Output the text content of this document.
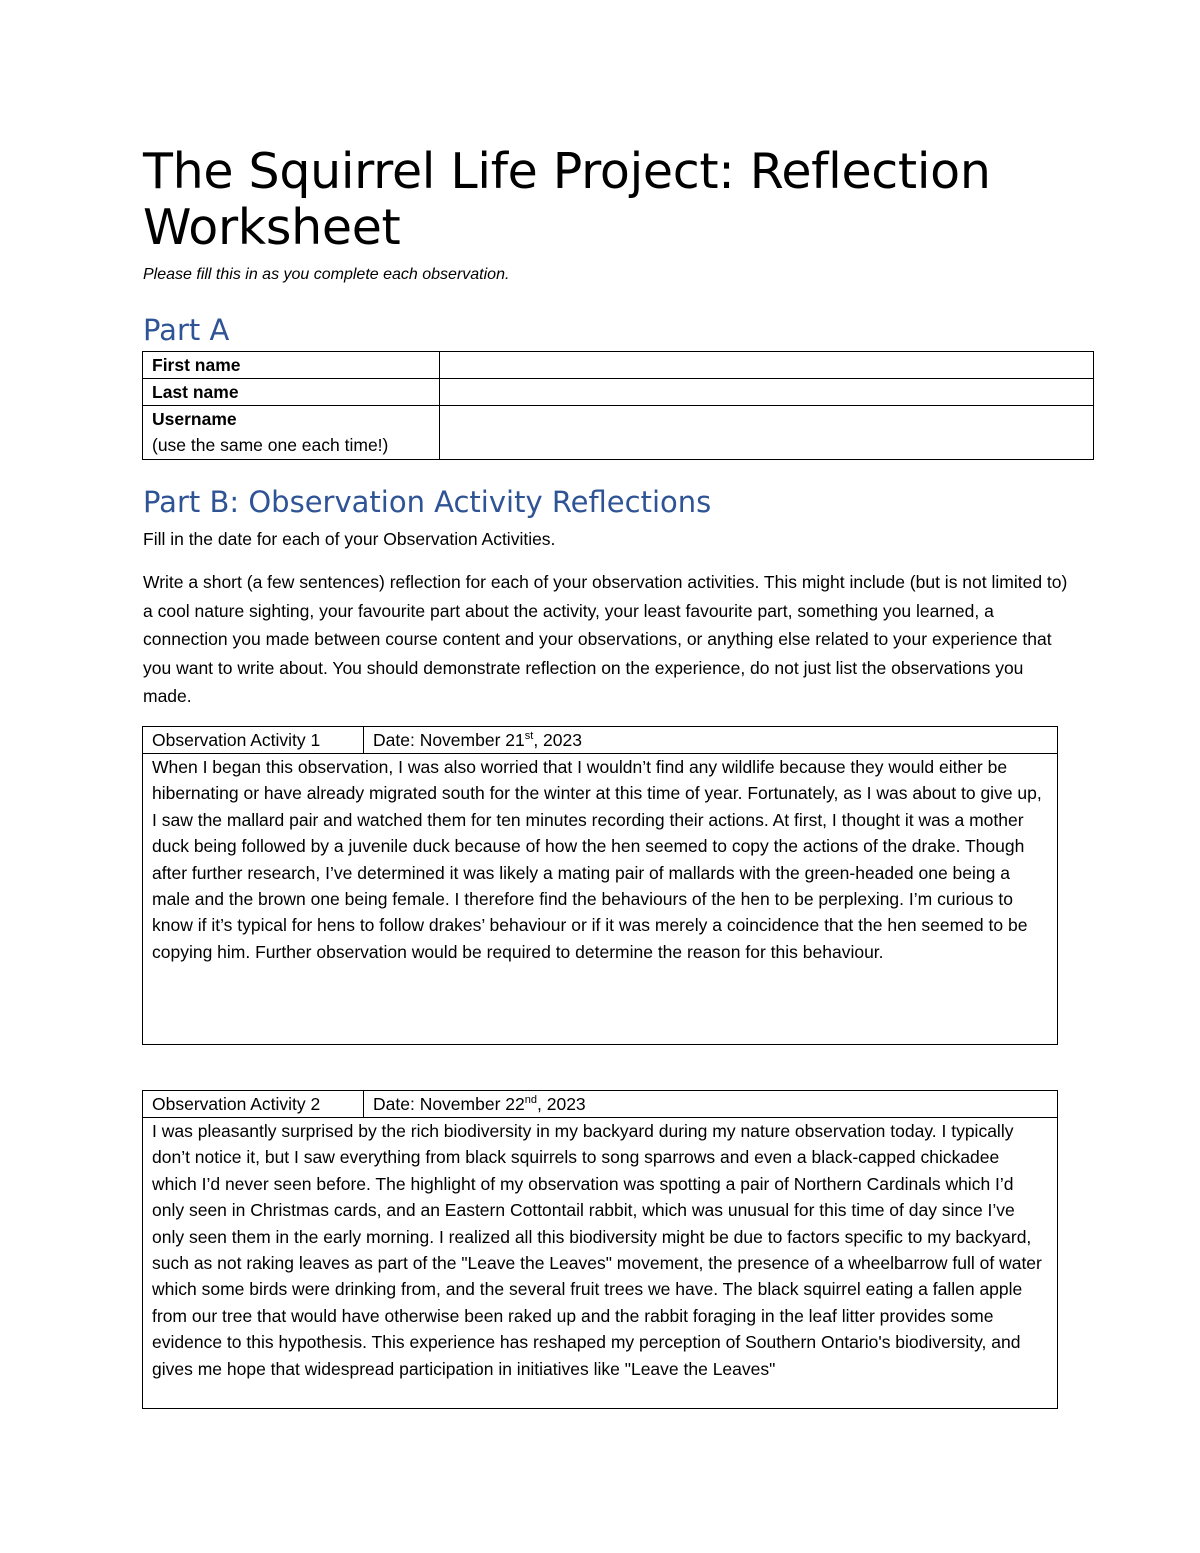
The Squirrel Life Project: Reflection Worksheet
Please fill this in as you complete each observation.
Part A
First name	
Last name	

Username
(use the same one each time!)	

Part B: Observation Activity Reflections
Fill in the date for each of your Observation Activities.
Write a short (a few sentences) reflection for each of your observation activities. This might include (but is not limited to) a cool nature sighting, your favourite part about the activity, your least favourite part, something you learned, a connection you made between course content and your observations, or anything else related to your experience that you want to write about. You should demonstrate reflection on the experience, do not just list the observations you made.
Observation Activity 1	Date: November 21st, 2023
When I began this observation, I was also worried that I wouldn’t find any wildlife because they would either be hibernating or have already migrated south for the winter at this time of year. Fortunately, as I was about to give up, I saw the mallard pair and watched them for ten minutes recording their actions. At first, I thought it was a mother duck being followed by a juvenile duck because of how the hen seemed to copy the actions of the drake. Though after further research, I’ve determined it was likely a mating pair of mallards with the green-headed one being a male and the brown one being female. I therefore find the behaviours of the hen to be perplexing. I’m curious to know if it’s typical for hens to follow drakes’ behaviour or if it was merely a coincidence that the hen seemed to be copying him. Further observation would be required to determine the reason for this behaviour.
Observation Activity 2	Date: November 22nd, 2023
I was pleasantly surprised by the rich biodiversity in my backyard during my nature observation today. I typically don’t notice it, but I saw everything from black squirrels to song sparrows and even a black-capped chickadee which I’d never seen before. The highlight of my observation was spotting a pair of Northern Cardinals which I’d only seen in Christmas cards, and an Eastern Cottontail rabbit, which was unusual for this time of day since I’ve only seen them in the early morning. I realized all this biodiversity might be due to factors specific to my backyard, such as not raking leaves as part of the "Leave the Leaves" movement, the presence of a wheelbarrow full of water which some birds were drinking from, and the several fruit trees we have. The black squirrel eating a fallen apple from our tree that would have otherwise been raked up and the rabbit foraging in the leaf litter provides some evidence to this hypothesis. This experience has reshaped my perception of Southern Ontario's biodiversity, and gives me hope that widespread participation in initiatives like "Leave the Leaves"
